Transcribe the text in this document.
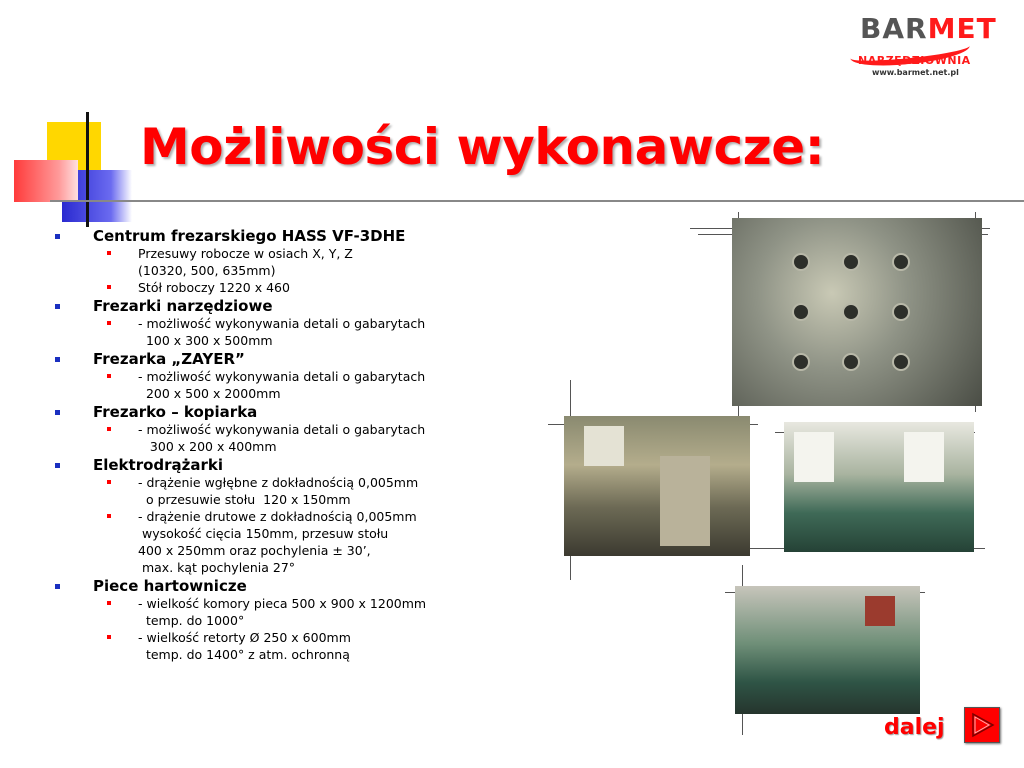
BARMET
NARZĘDZIOWNIA
www.barmet.net.pl
Możliwości wykonawcze:
Centrum frezarskiego HASS VF-3DHE
Przesuwy robocze w osiach X, Y, Z
(10320, 500, 635mm)
Stół roboczy 1220 x 460
Frezarki narzędziowe
- możliwość wykonywania detali o gabarytach
100 x 300 x 500mm
Frezarka „ZAYER”
- możliwość wykonywania detali o gabarytach
200 x 500 x 2000mm
Frezarko – kopiarka
- możliwość wykonywania detali o gabarytach
300 x 200 x 400mm
Elektrodrążarki
- drążenie wgłębne z dokładnością 0,005mm
o przesuwie stołu  120 x 150mm
- drążenie drutowe z dokładnością 0,005mm
wysokość cięcia 150mm, przesuw stołu
400 x 250mm oraz pochylenia ± 30’,
max. kąt pochylenia 27°
Piece hartownicze
- wielkość komory pieca 500 x 900 x 1200mm
temp. do 1000°
- wielkość retorty Ø 250 x 600mm
temp. do 1400° z atm. ochronną
dalej
